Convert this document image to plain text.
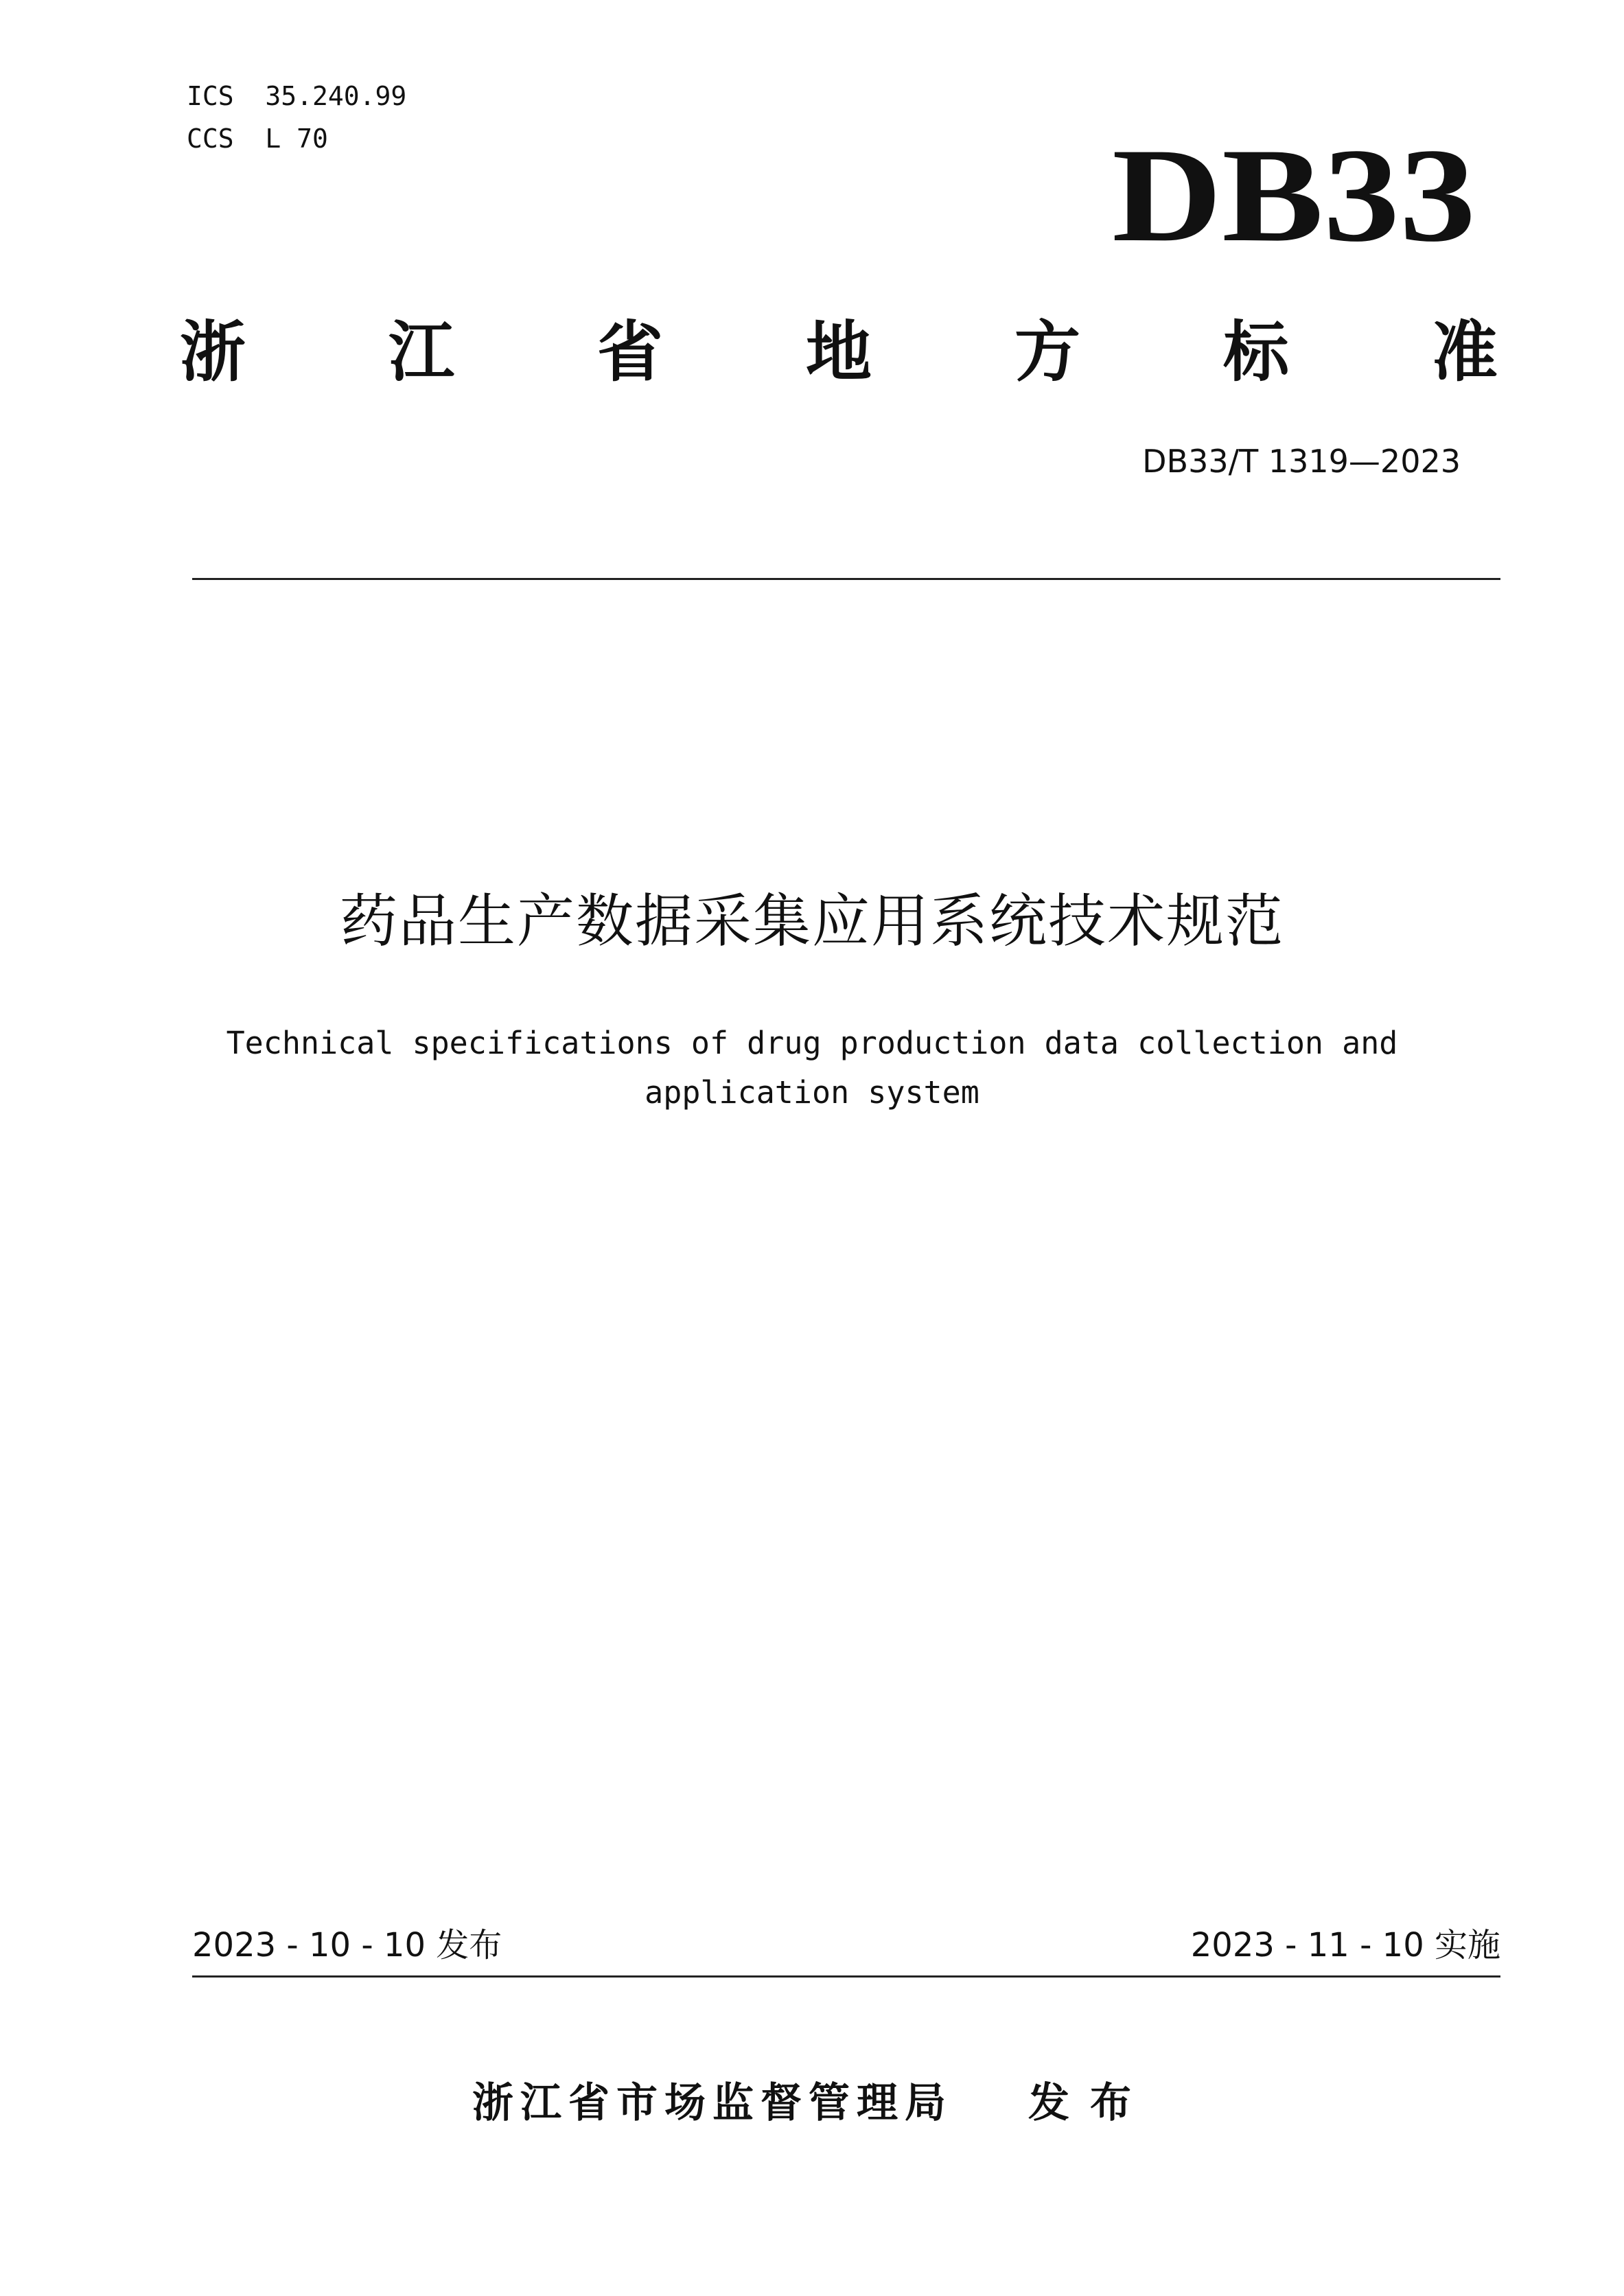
ICS  35.240.99
CCS  L 70	DB33
浙 江 省 地 方 标 准
DB33/T 1319—2023
药品生产数据采集应用系统技术规范
Technical specifications of drug production data collection and
application system
2023 - 10 - 10 发布	2023 - 11 - 10 实施
浙江省市场监督管理局 发布
